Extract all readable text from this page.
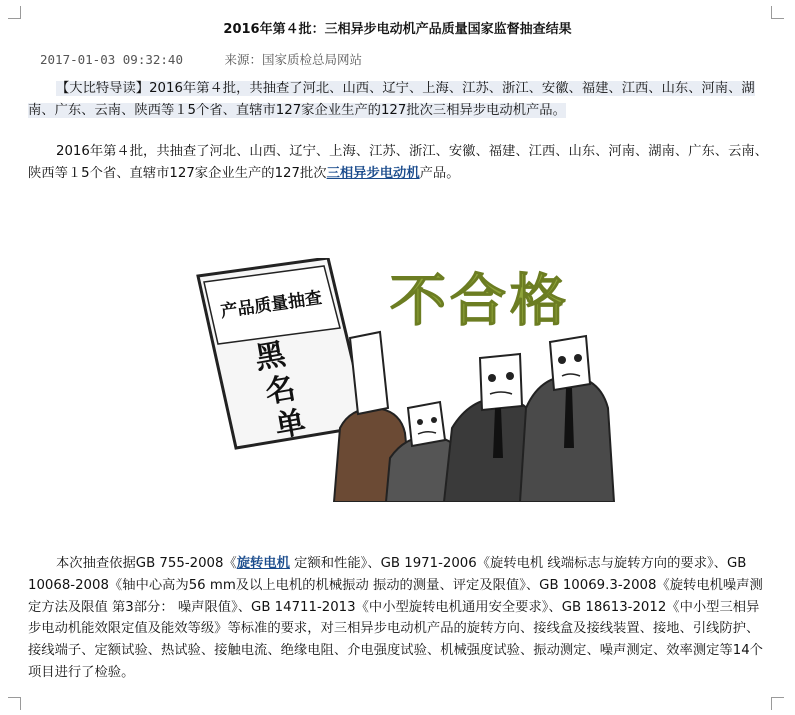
2016年第４批：三相异步电动机产品质量国家监督抽查结果
2017-01-03 09:32:40	来源：国家质检总局网站
【大比特导读】2016年第４批，共抽查了河北、山西、辽宁、上海、江苏、浙江、安徽、福建、江西、山东、河南、湖南、广东、云南、陕西等１5个省、直辖市127家企业生产的127批次三相异步电动机产品。
2016年第４批，共抽查了河北、山西、辽宁、上海、江苏、浙江、安徽、福建、江西、山东、河南、湖南、广东、云南、陕西等１5个省、直辖市127家企业生产的127批次三相异步电动机产品。
产品质量抽查
黑
名
单
不合格
本次抽查依据GB 755-2008《旋转电机 定额和性能》、GB 1971-2006《旋转电机 线端标志与旋转方向的要求》、GB 10068-2008《轴中心高为56 mm及以上电机的机械振动 振动的测量、评定及限值》、GB 10069.3-2008《旋转电机噪声测定方法及限值 第3部分： 噪声限值》、GB 14711-2013《中小型旋转电机通用安全要求》、GB 18613-2012《中小型三相异步电动机能效限定值及能效等级》等标准的要求，对三相异步电动机产品的旋转方向、接线盒及接线装置、接地、引线防护、接线端子、定额试验、热试验、接触电流、绝缘电阻、介电强度试验、机械强度试验、振动测定、噪声测定、效率测定等14个项目进行了检验。
